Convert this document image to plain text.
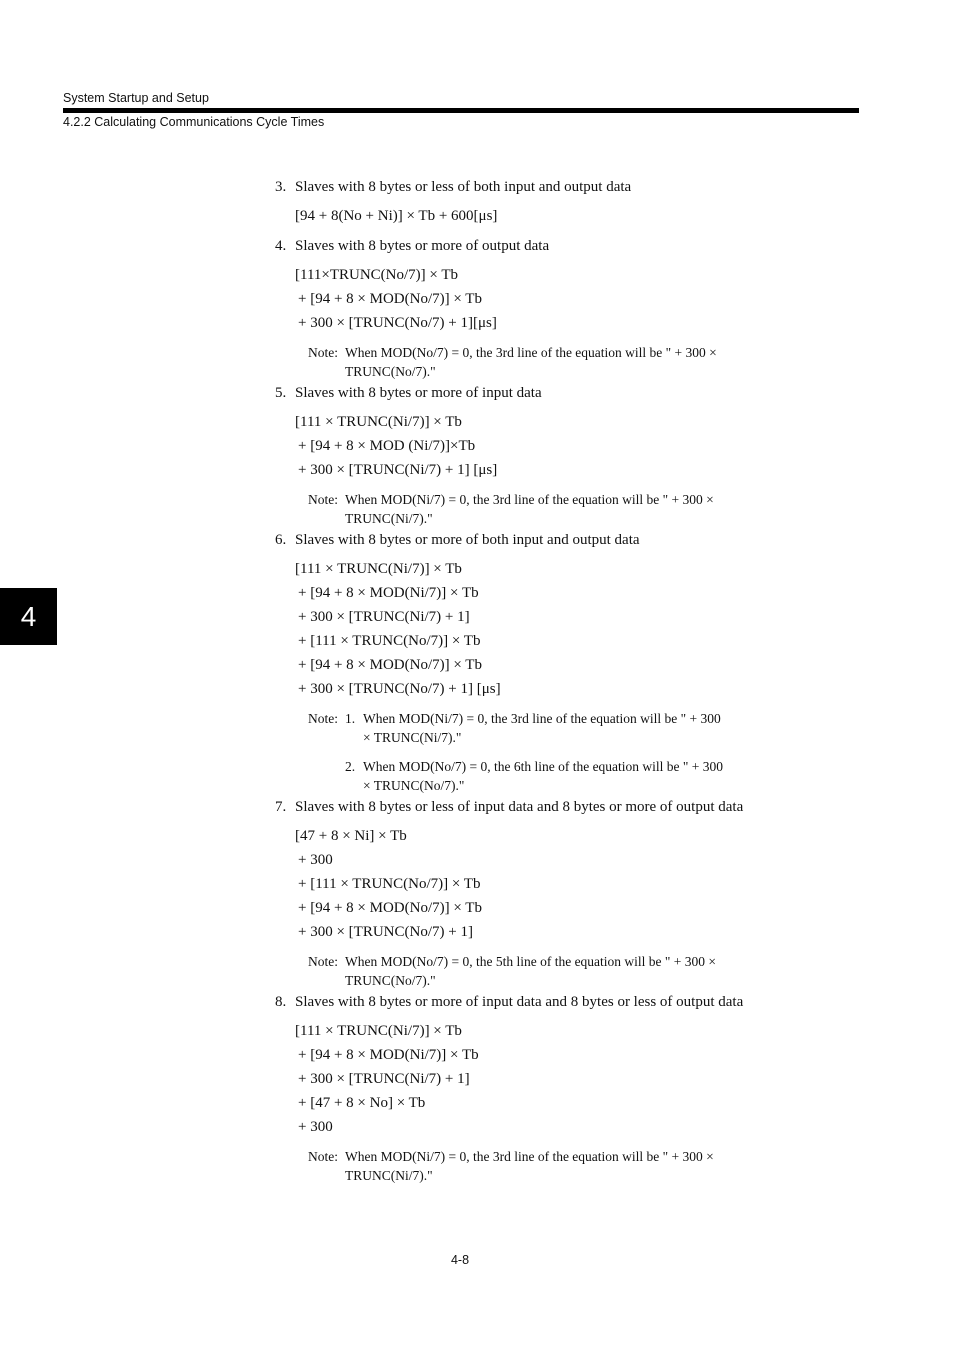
System Startup and Setup
4.2.2 Calculating Communications Cycle Times
4
3. Slaves with 8 bytes or less of both input and output data
[94 + 8(No + Ni)] × Tb + 600[μs]
4. Slaves with 8 bytes or more of output data
[111×TRUNC(No/7)] × Tb
+ [94 + 8 × MOD(No/7)] × Tb
+ 300 × [TRUNC(No/7) + 1][μs]
Note: When MOD(No/7) = 0, the 3rd line of the equation will be " + 300 ×
TRUNC(No/7)."
5. Slaves with 8 bytes or more of input data
[111 × TRUNC(Ni/7)] × Tb
+ [94 + 8 × MOD (Ni/7)]×Tb
+ 300 × [TRUNC(Ni/7) + 1] [μs]
Note: When MOD(Ni/7) = 0, the 3rd line of the equation will be " + 300 ×
TRUNC(Ni/7)."
6. Slaves with 8 bytes or more of both input and output data
[111 × TRUNC(Ni/7)] × Tb
+ [94 + 8 × MOD(Ni/7)] × Tb
+ 300 × [TRUNC(Ni/7) + 1]
+ [111 × TRUNC(No/7)] × Tb
+ [94 + 8 × MOD(No/7)] × Tb
+ 300 × [TRUNC(No/7) + 1] [μs]
Note: 1. When MOD(Ni/7) = 0, the 3rd line of the equation will be " + 300
× TRUNC(Ni/7)."
2. When MOD(No/7) = 0, the 6th line of the equation will be " + 300
× TRUNC(No/7)."
7. Slaves with 8 bytes or less of input data and 8 bytes or more of output data
[47 + 8 × Ni] × Tb
+ 300
+ [111 × TRUNC(No/7)] × Tb
+ [94 + 8 × MOD(No/7)] × Tb
+ 300 × [TRUNC(No/7) + 1]
Note: When MOD(No/7) = 0, the 5th line of the equation will be " + 300 ×
TRUNC(No/7)."
8. Slaves with 8 bytes or more of input data and 8 bytes or less of output data
[111 × TRUNC(Ni/7)] × Tb
+ [94 + 8 × MOD(Ni/7)] × Tb
+ 300 × [TRUNC(Ni/7) + 1]
+ [47 + 8 × No] × Tb
+ 300
Note: When MOD(Ni/7) = 0, the 3rd line of the equation will be " + 300 ×
TRUNC(Ni/7)."
4-8
